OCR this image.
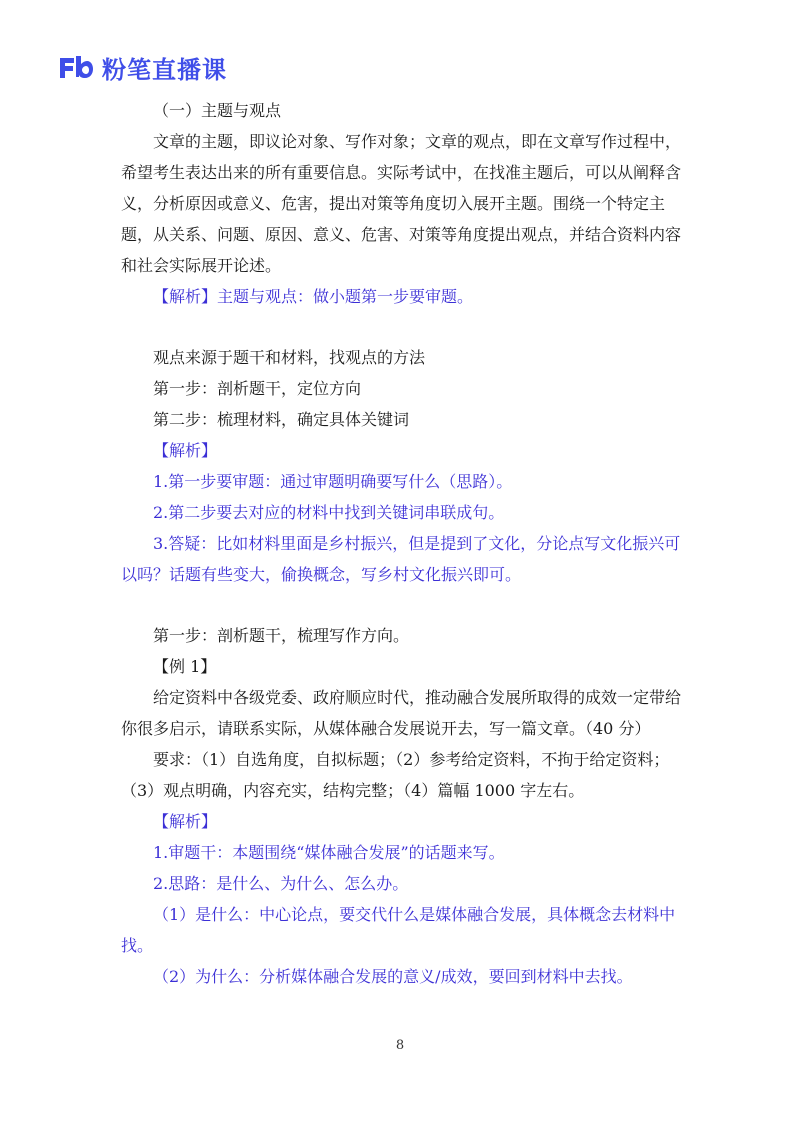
粉笔直播课

（一）主题与观点

文章的主题，即议论对象、写作对象；文章的观点，即在文章写作过程中，希望考生表达出来的所有重要信息。实际考试中，在找准主题后，可以从阐释含义，分析原因或意义、危害，提出对策等角度切入展开主题。围绕一个特定主题，从关系、问题、原因、意义、危害、对策等角度提出观点，并结合资料内容和社会实际展开论述。

【解析】主题与观点：做小题第一步要审题。

观点来源于题干和材料，找观点的方法

第一步：剖析题干，定位方向

第二步：梳理材料，确定具体关键词

【解析】

1.第一步要审题：通过审题明确要写什么（思路）。

2.第二步要去对应的材料中找到关键词串联成句。

3.答疑：比如材料里面是乡村振兴，但是提到了文化，分论点写文化振兴可以吗？话题有些变大，偷换概念，写乡村文化振兴即可。

第一步：剖析题干，梳理写作方向。

【例 1】

给定资料中各级党委、政府顺应时代，推动融合发展所取得的成效一定带给你很多启示，请联系实际，从媒体融合发展说开去，写一篇文章。（40 分）

要求：（1）自选角度，自拟标题；（2）参考给定资料，不拘于给定资料；（3）观点明确，内容充实，结构完整；（4）篇幅 1000 字左右。

【解析】

1.审题干：本题围绕“媒体融合发展”的话题来写。

2.思路：是什么、为什么、怎么办。

（1）是什么：中心论点，要交代什么是媒体融合发展，具体概念去材料中找。

（2）为什么：分析媒体融合发展的意义/成效，要回到材料中去找。

8
